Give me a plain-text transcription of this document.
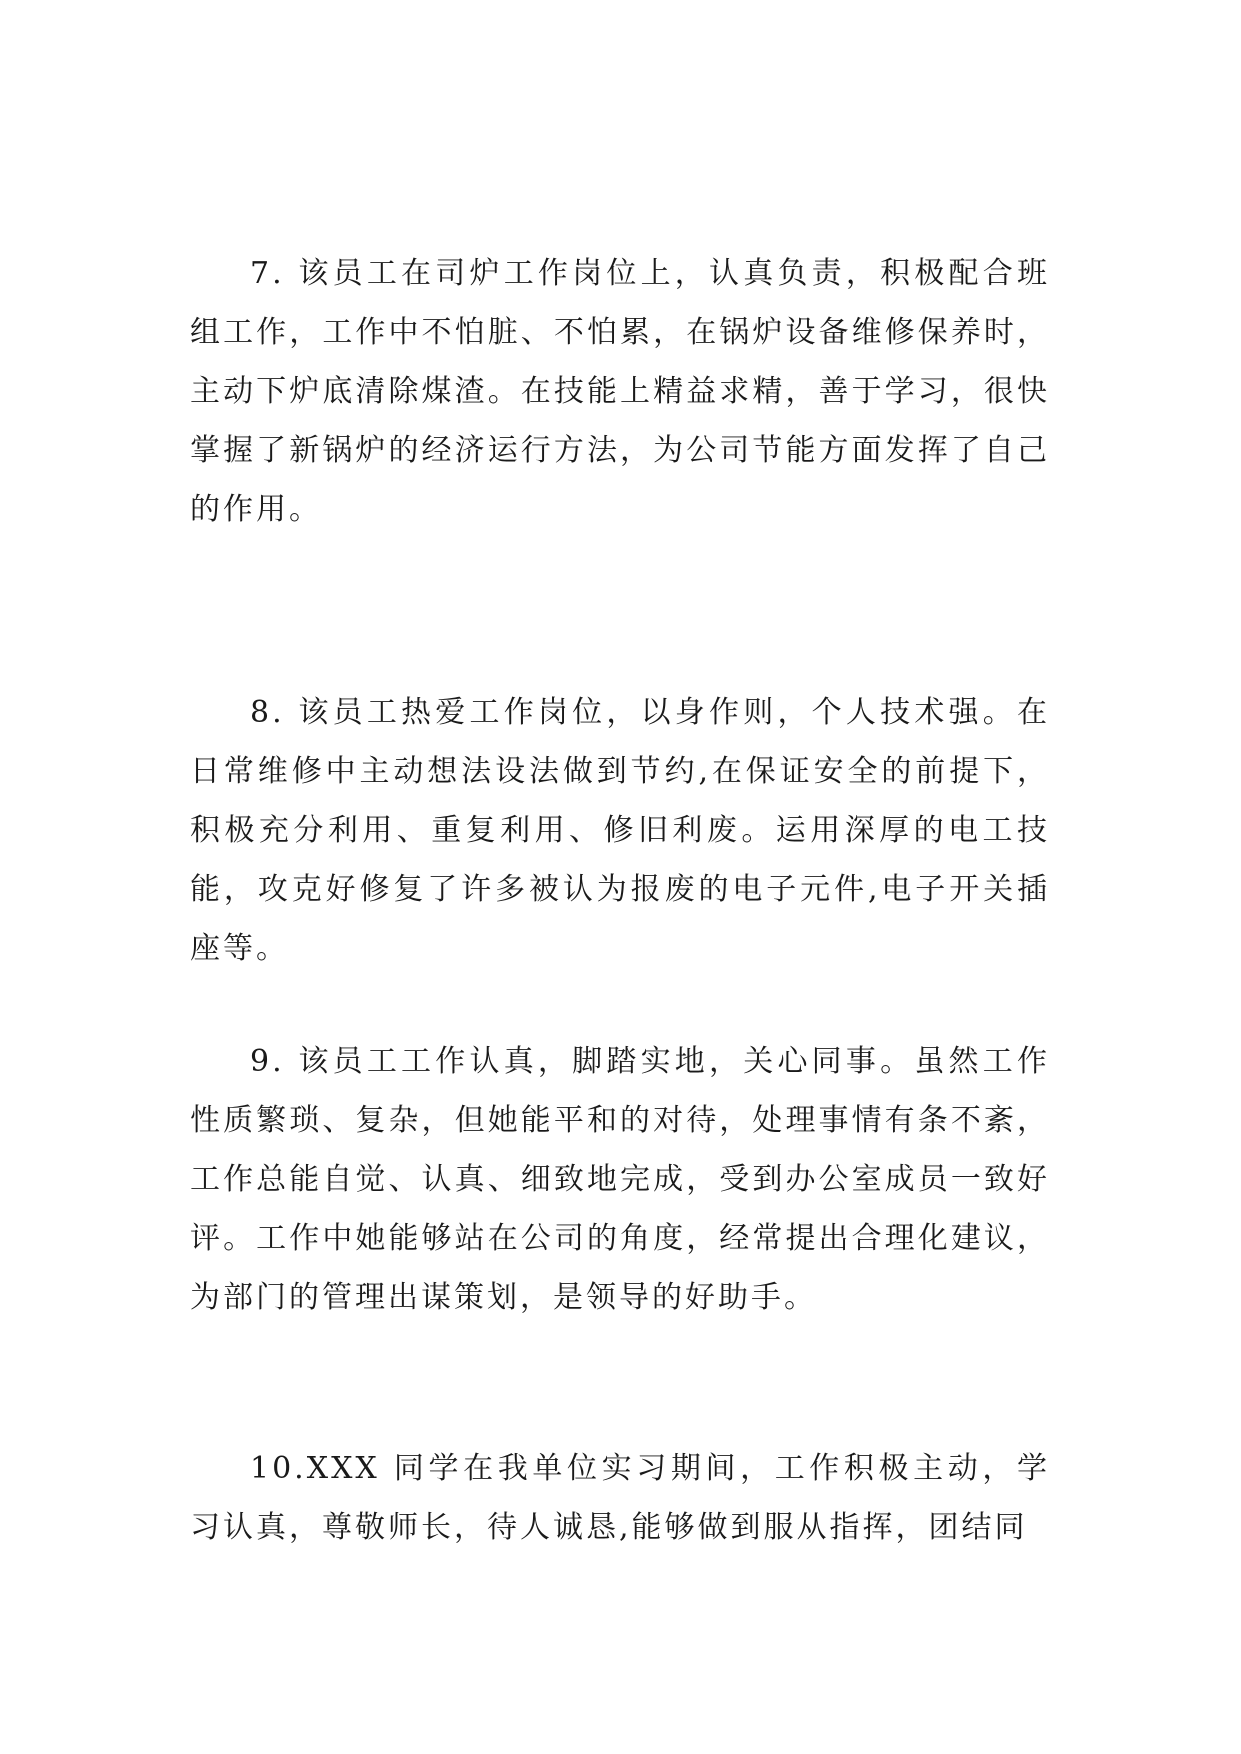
7. 该员工在司炉工作岗位上，认真负责，积极配合班组工作，工作中不怕脏、不怕累，在锅炉设备维修保养时，主动下炉底清除煤渣。在技能上精益求精，善于学习，很快掌握了新锅炉的经济运行方法，为公司节能方面发挥了自己的作用。

8. 该员工热爱工作岗位，以身作则，个人技术强。在日常维修中主动想法设法做到节约,在保证安全的前提下，积极充分利用、重复利用、修旧利废。运用深厚的电工技能，攻克好修复了许多被认为报废的电子元件,电子开关插座等。

9. 该员工工作认真，脚踏实地，关心同事。虽然工作性质繁琐、复杂，但她能平和的对待，处理事情有条不紊，工作总能自觉、认真、细致地完成，受到办公室成员一致好评。工作中她能够站在公司的角度，经常提出合理化建议，为部门的管理出谋策划，是领导的好助手。

10.XXX 同学在我单位实习期间，工作积极主动，学习认真，尊敬师长，待人诚恳,能够做到服从指挥，团结同
